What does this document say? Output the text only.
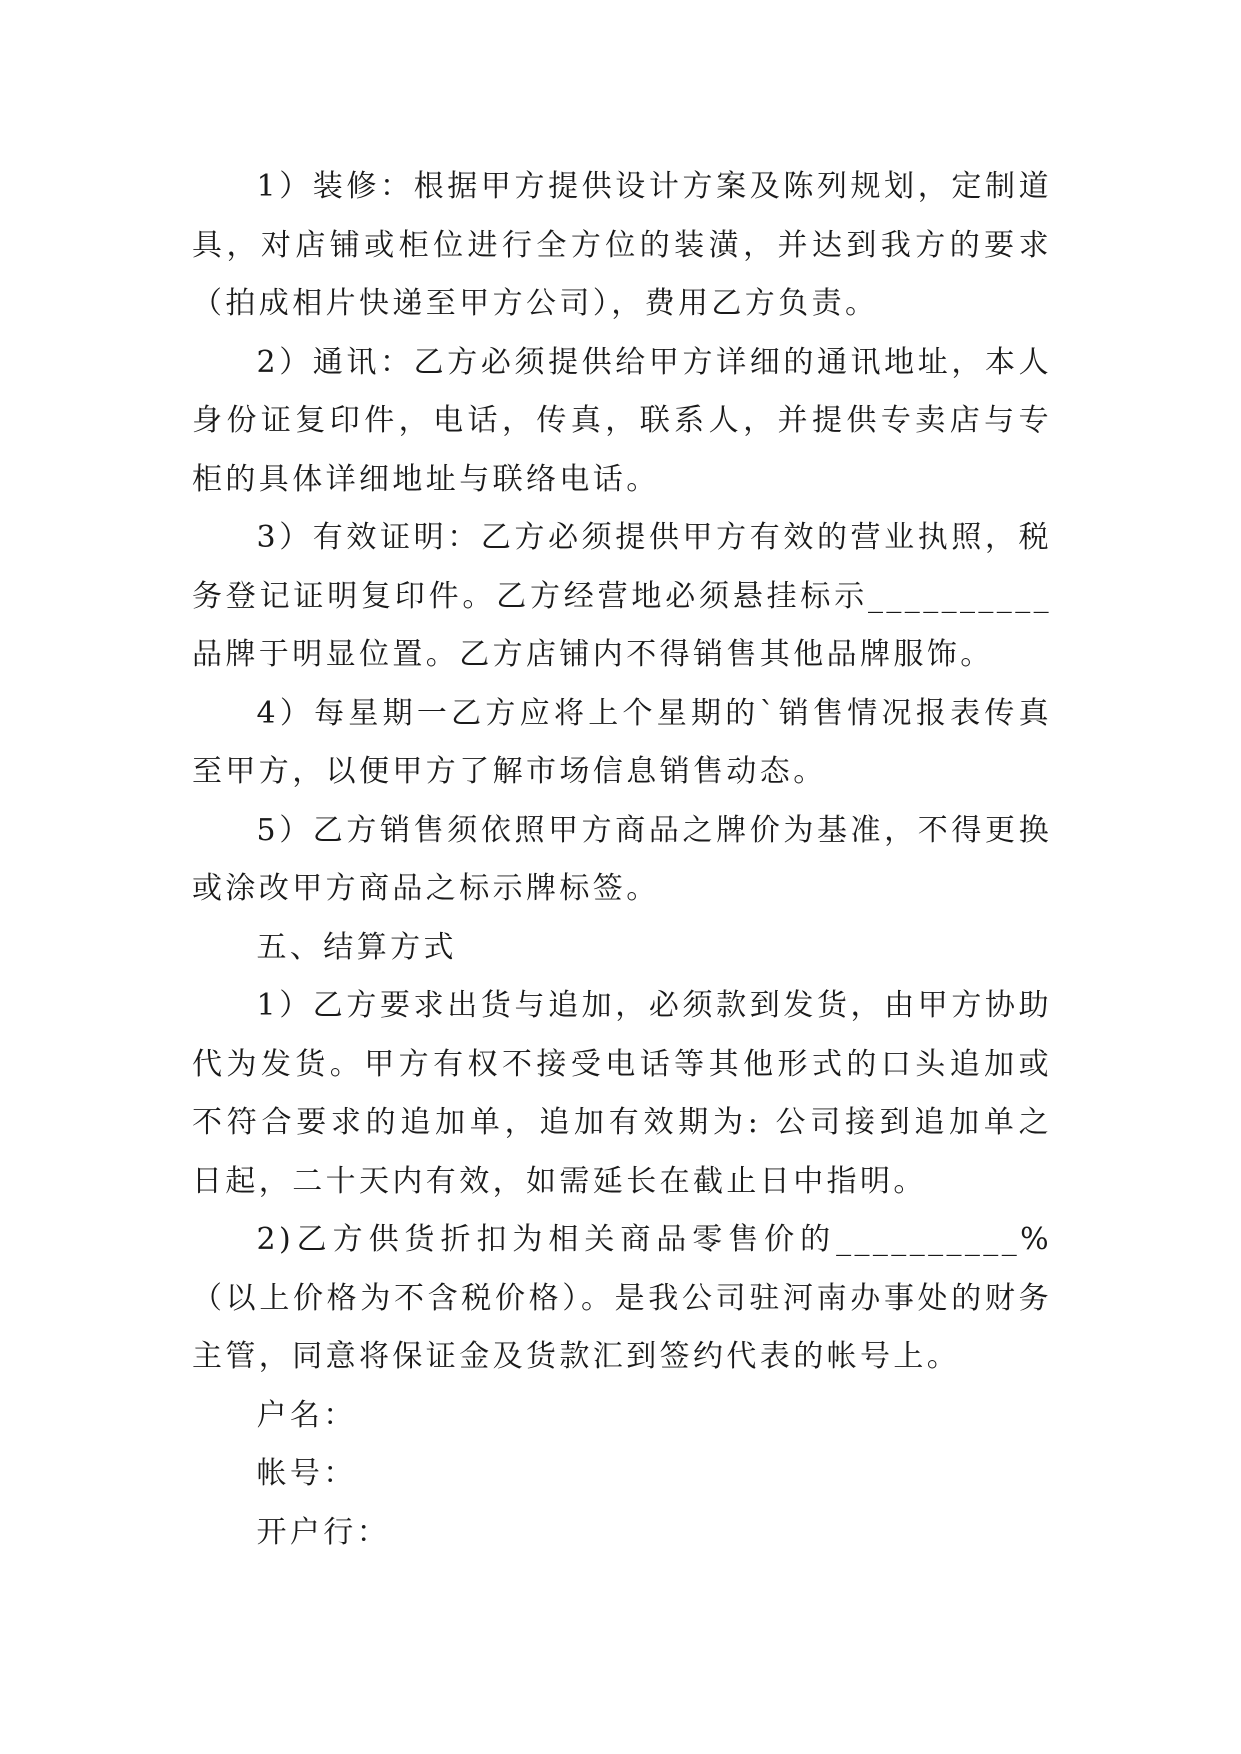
1）装修：根据甲方提供设计方案及陈列规划，定制道具，对店铺或柜位进行全方位的装潢，并达到我方的要求（拍成相片快递至甲方公司），费用乙方负责。

2）通讯：乙方必须提供给甲方详细的通讯地址，本人身份证复印件，电话，传真，联系人，并提供专卖店与专柜的具体详细地址与联络电话。

3）有效证明：乙方必须提供甲方有效的营业执照，税务登记证明复印件。乙方经营地必须悬挂标示__________品牌于明显位置。乙方店铺内不得销售其他品牌服饰。

4）每星期一乙方应将上个星期的`销售情况报表传真至甲方，以便甲方了解市场信息销售动态。

5）乙方销售须依照甲方商品之牌价为基准，不得更换或涂改甲方商品之标示牌标签。

五、结算方式

1）乙方要求出货与追加，必须款到发货，由甲方协助代为发货。甲方有权不接受电话等其他形式的口头追加或不符合要求的追加单，追加有效期为: 公司接到追加单之日起，二十天内有效，如需延长在截止日中指明。

2)乙方供货折扣为相关商品零售价的__________%（以上价格为不含税价格）。是我公司驻河南办事处的财务主管，同意将保证金及货款汇到签约代表的帐号上。

户名：

帐号：

开户行：
